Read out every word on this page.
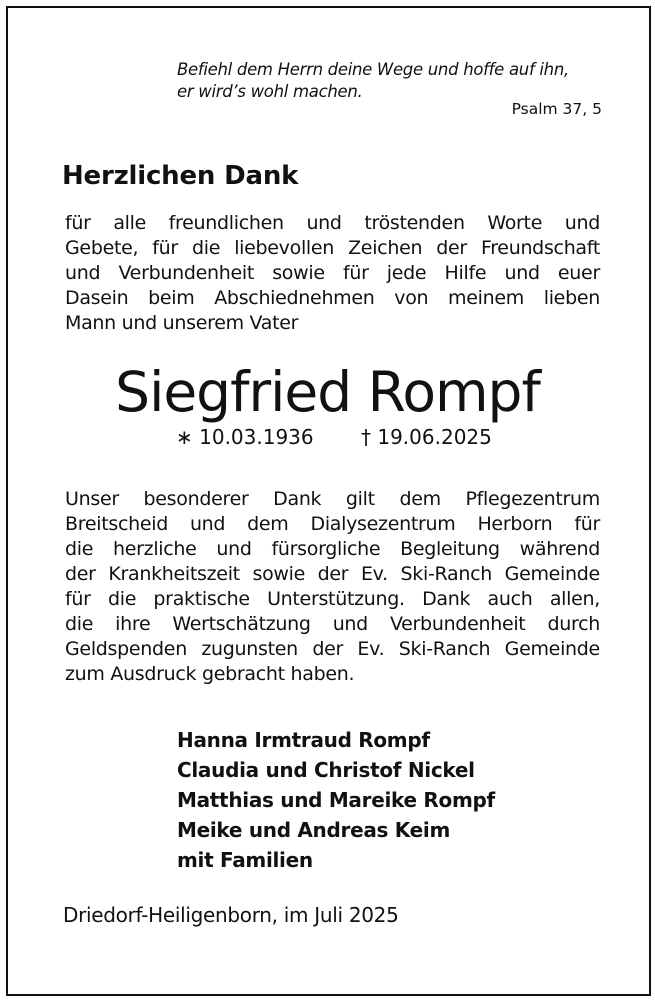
Befiehl dem Herrn deine Wege und hoffe auf ihn,
er wird’s wohl machen.
Psalm 37, 5
Herzlichen Dank
für alle freundlichen und tröstenden Worte und
Gebete, für die liebevollen Zeichen der Freundschaft
und Verbundenheit sowie für jede Hilfe und euer
Dasein beim Abschiednehmen von meinem lieben
Mann und unserem Vater
Siegfried Rompf
∗ 10.03.1936 † 19.06.2025
Unser besonderer Dank gilt dem Pflegezentrum
Breitscheid und dem Dialysezentrum Herborn für
die herzliche und fürsorgliche Begleitung während
der Krankheitszeit sowie der Ev. Ski-Ranch Gemeinde
für die praktische Unterstützung. Dank auch allen,
die ihre Wertschätzung und Verbundenheit durch
Geldspenden zugunsten der Ev. Ski-Ranch Gemeinde
zum Ausdruck gebracht haben.
Hanna Irmtraud Rompf
Claudia und Christof Nickel
Matthias und Mareike Rompf
Meike und Andreas Keim
mit Familien
Driedorf-Heiligenborn, im Juli 2025
